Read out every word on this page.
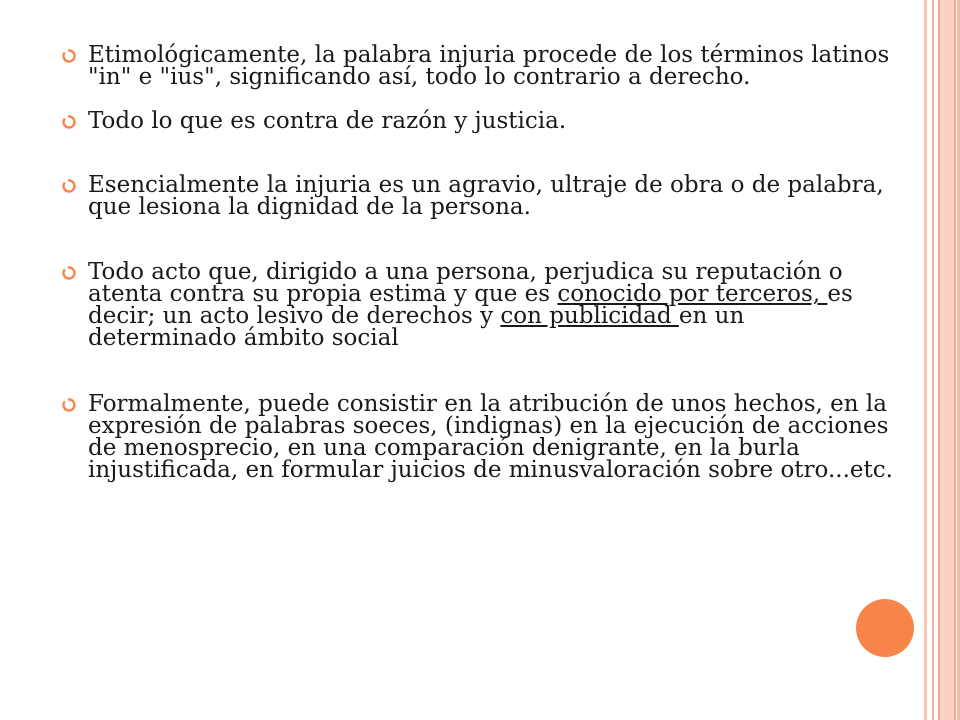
Etimológicamente, la palabra injuria procede de los términos latinos "in" e "ius", significando así, todo lo contrario a derecho.
Todo lo que es contra de razón y justicia.
Esencialmente la injuria es un agravio, ultraje de obra o de palabra, que lesiona la dignidad de la persona.
Todo acto que, dirigido a una persona, perjudica su reputación o atenta contra su propia estima y que es conocido por terceros, es decir; un acto lesivo de derechos y con publicidad en un determinado ámbito social
Formalmente, puede consistir en la atribución de unos hechos, en la expresión de palabras soeces, (indignas) en la ejecución de acciones de menosprecio, en una comparación denigrante, en la burla injustificada, en formular juicios de minusvaloración sobre otro...etc.
